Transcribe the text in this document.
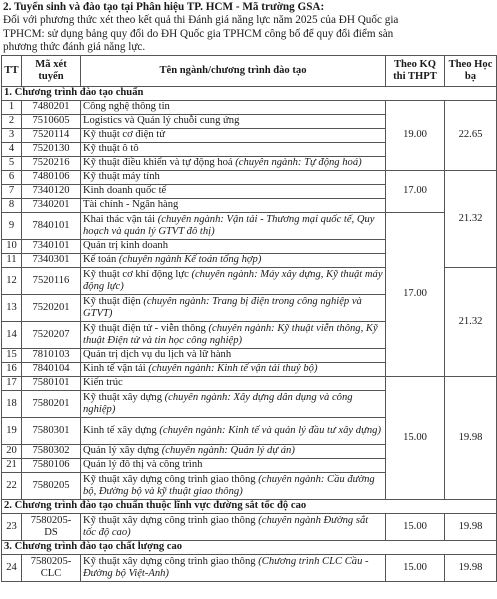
2. Tuyển sinh và đào tạo tại Phân hiệu TP. HCM - Mã trường GSA:
Đối với phương thức xét theo kết quả thi Đánh giá năng lực năm 2025 của ĐH Quốc gia
TPHCM: sử dụng bảng quy đổi do ĐH Quốc gia TPHCM công bố để quy đổi điểm sàn
phương thức đánh giá năng lực.
TT	Mã xét tuyển	Tên ngành/chương trình đào tạo	Theo KQ thi THPT	Theo Học bạ
1. Chương trình đào tạo chuẩn				
1	7480201	Công nghệ thông tin	19.00	22.65
2	7510605	Logistics và Quản lý chuỗi cung ứng		
3	7520114	Kỹ thuật cơ điện tử		
4	7520130	Kỹ thuật ô tô		
5	7520216	Kỹ thuật điều khiển và tự động hoá (chuyên ngành: Tự động hoá)		
6	7480106	Kỹ thuật máy tính	17.00	21.32
7	7340120	Kinh doanh quốc tế		
8	7340201	Tài chính - Ngân hàng		
9	7840101	Khai thác vận tải (chuyên ngành: Vận tải - Thương mại quốc tế, Quy hoạch và quản lý GTVT đô thị)	17.00	
10	7340101	Quản trị kinh doanh		
11	7340301	Kế toán (chuyên ngành Kế toán tổng hợp)		
12	7520116	Kỹ thuật cơ khí động lực (chuyên ngành: Máy xây dựng, Kỹ thuật máy động lực)		21.32
13	7520201	Kỹ thuật điện (chuyên ngành: Trang bị điện trong công nghiệp và GTVT)		
14	7520207	Kỹ thuật điện tử - viễn thông (chuyên ngành: Kỹ thuật viễn thông, Kỹ thuật Điện tử và tin học công nghiệp)		
15	7810103	Quản trị dịch vụ du lịch và lữ hành		
16	7840104	Kinh tế vận tải (chuyên ngành: Kinh tế vận tải thuỷ bộ)		
17	7580101	Kiến trúc	15.00	19.98
18	7580201	Kỹ thuật xây dựng (chuyên ngành: Xây dựng dân dụng và công nghiệp)		
19	7580301	Kinh tế xây dựng (chuyên ngành: Kinh tế và quản lý đầu tư xây dựng)		
20	7580302	Quản lý xây dựng (chuyên ngành: Quản lý dự án)		
21	7580106	Quản lý đô thị và công trình		
22	7580205	Kỹ thuật xây dựng công trình giao thông (chuyên ngành: Cầu đường bộ, Đường bộ và kỹ thuật giao thông)		
2. Chương trình đào tạo chuẩn thuộc lĩnh vực đường sắt tốc độ cao				
23	7580205-DS	Kỹ thuật xây dựng công trình giao thông (chuyên ngành Đường sắt tốc độ cao)	15.00	19.98
3. Chương trình đào tạo chất lượng cao				
24	7580205-CLC	Kỹ thuật xây dựng công trình giao thông (Chương trình CLC Cầu - Đường bộ Việt-Anh)	15.00	19.98
